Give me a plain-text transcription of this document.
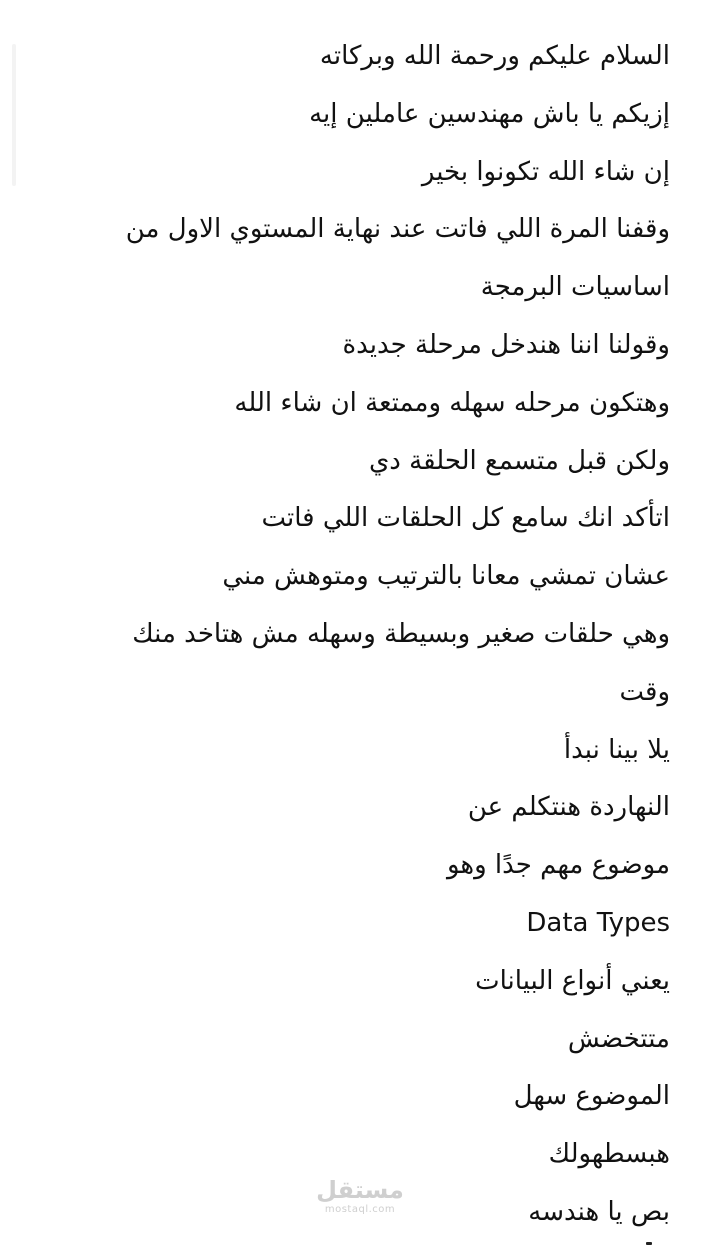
السلام عليكم ورحمة الله وبركاته

إزيكم يا باش مهندسين عاملين إيه

إن شاء الله تكونوا بخير

وقفنا المرة اللي فاتت عند نهاية المستوي الاول من

اساسيات البرمجة

وقولنا اننا هندخل مرحلة جديدة

وهتكون مرحله سهله وممتعة ان شاء الله

ولكن قبل متسمع الحلقة دي

اتأكد انك سامع كل الحلقات اللي فاتت

عشان تمشي معانا بالترتيب ومتوهش مني

وهي حلقات صغير وبسيطة وسهله مش هتاخد منك

وقت

يلا بينا نبدأ

النهاردة هنتكلم عن

موضوع مهم جدًا وهو

Data Types

يعني أنواع البيانات

متتخضش

الموضوع سهل

هبسطهولك

بص يا هندسه

مستقل
mostaql.com
